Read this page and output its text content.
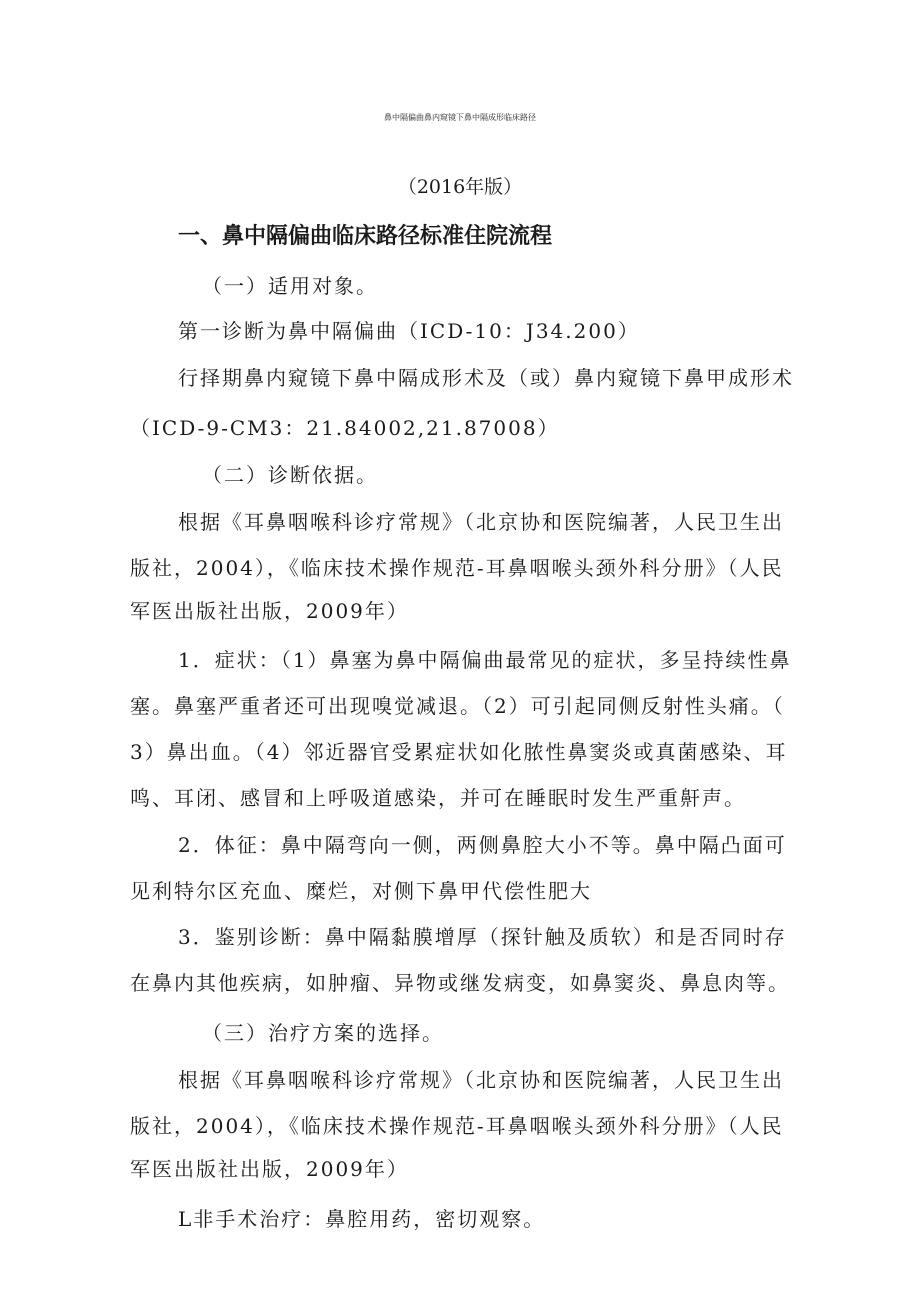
鼻中隔偏曲鼻内窥镜下鼻中隔成形临床路径
（2016年版）
一、鼻中隔偏曲临床路径标准住院流程
（一）适用对象。
第一诊断为鼻中隔偏曲（ICD-10：J34.200）
行择期鼻内窥镜下鼻中隔成形术及（或）鼻内窥镜下鼻甲成形术
（ICD-9-CM3：21.84002,21.87008）
（二）诊断依据。
根据《耳鼻咽喉科诊疗常规》（北京协和医院编著，人民卫生出
版社，2004），《临床技术操作规范-耳鼻咽喉头颈外科分册》（人民
军医出版社出版，2009年）
1．症状：（1）鼻塞为鼻中隔偏曲最常见的症状，多呈持续性鼻
塞。鼻塞严重者还可出现嗅觉减退。（2）可引起同侧反射性头痛。（
3）鼻出血。（4）邻近器官受累症状如化脓性鼻窦炎或真菌感染、耳
鸣、耳闭、感冒和上呼吸道感染，并可在睡眠时发生严重鼾声。
2．体征：鼻中隔弯向一侧，两侧鼻腔大小不等。鼻中隔凸面可
见利特尔区充血、糜烂，对侧下鼻甲代偿性肥大
3．鉴别诊断：鼻中隔黏膜增厚（探针触及质软）和是否同时存
在鼻内其他疾病，如肿瘤、异物或继发病变，如鼻窦炎、鼻息肉等。
（三）治疗方案的选择。
根据《耳鼻咽喉科诊疗常规》（北京协和医院编著，人民卫生出
版社，2004），《临床技术操作规范-耳鼻咽喉头颈外科分册》（人民
军医出版社出版，2009年）
L非手术治疗：鼻腔用药，密切观察。
